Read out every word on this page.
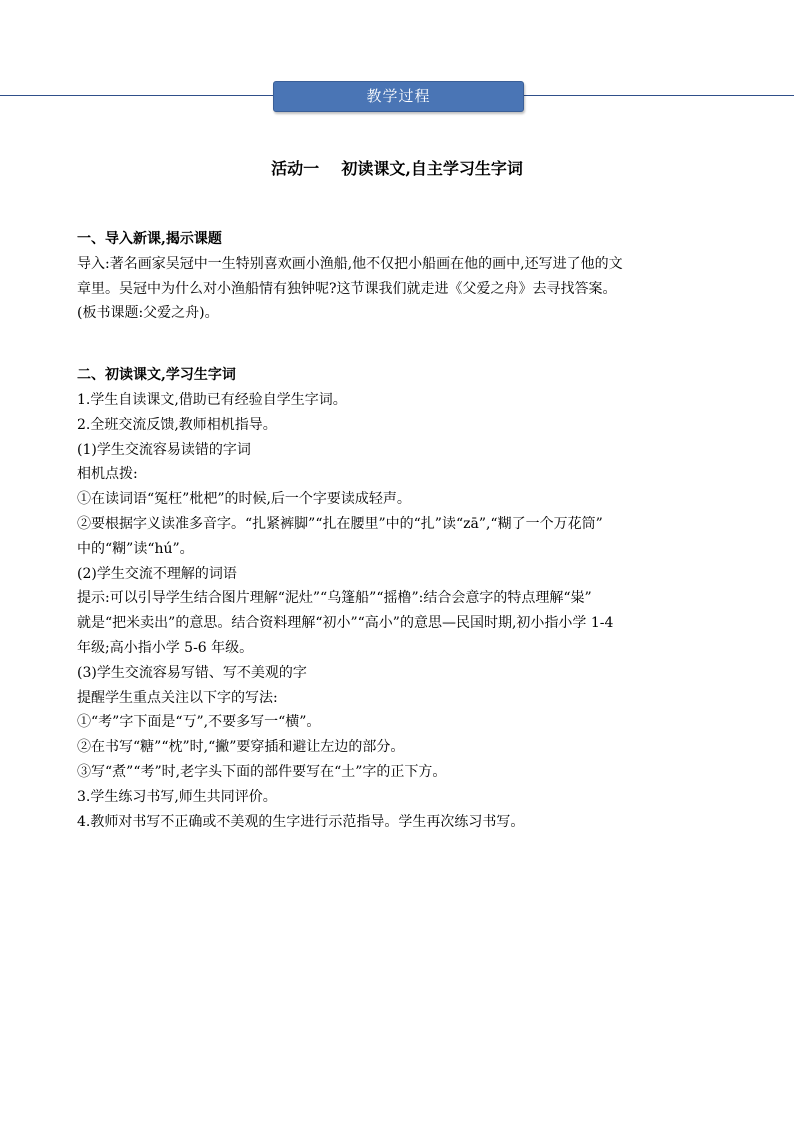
教学过程
活动一    初读课文,自主学习生字词

一、导入新课,揭示课题

导入:著名画家吴冠中一生特别喜欢画小渔船,他不仅把小船画在他的画中,还写进了他的文

章里。吴冠中为什么对小渔船情有独钟呢?这节课我们就走进《父爱之舟》去寻找答案。

(板书课题:父爱之舟)。

二、初读课文,学习生字词

1.学生自读课文,借助已有经验自学生字词。

2.全班交流反馈,教师相机指导。

(1)学生交流容易读错的字词

相机点拨:

①在读词语“冤枉”枇杷”的时候,后一个字要读成轻声。

②要根据字义读准多音字。“扎紧裤脚”“扎在腰里”中的“扎”读“zā”,“糊了一个万花筒”

中的“糊”读“hú”。

(2)学生交流不理解的词语

提示:可以引导学生结合图片理解“泥灶”“乌篷船”“摇橹”:结合会意字的特点理解“粜”

就是“把米卖出”的意思。结合资料理解“初小”“高小”的意思—民国时期,初小指小学 1-4

年级;高小指小学 5-6 年级。

(3)学生交流容易写错、写不美观的字

提醒学生重点关注以下字的写法:

①“考”字下面是“丂”,不要多写一“横”。

②在书写“糖”“枕”时,“撇”要穿插和避让左边的部分。

③写“煮”“考”时,老字头下面的部件要写在“土”字的正下方。

3.学生练习书写,师生共同评价。

4.教师对书写不正确或不美观的生字进行示范指导。学生再次练习书写。
